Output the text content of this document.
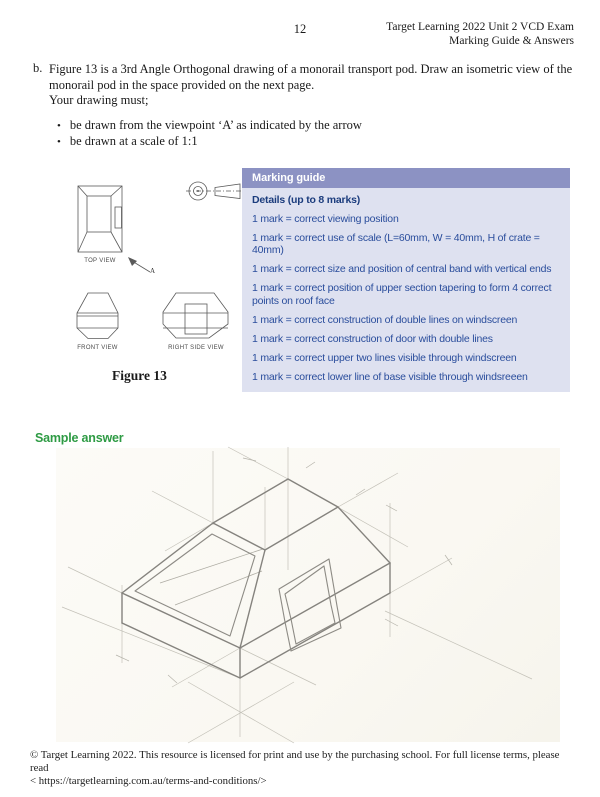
12	Target Learning 2022 Unit 2 VCD Exam
Marking Guide & Answers
b. Figure 13 is a 3rd Angle Orthogonal drawing of a monorail transport pod. Draw an isometric view of the monorail pod in the space provided on the next page.
Your drawing must;
• be drawn from the viewpoint ‘A’ as indicated by the arrow
• be drawn at a scale of 1:1
TOP VIEW
FRONT VIEW	RIGHT SIDE VIEW
A
Figure 13
Marking guide
Details (up to 8 marks)
1 mark = correct viewing position
1 mark = correct use of scale (L=60mm, W = 40mm, H of crate = 40mm)
1 mark = correct size and position of central band with vertical ends
1 mark = correct position of upper section tapering to form 4 correct points on roof face
1 mark = correct construction of double lines on windscreen
1 mark = correct construction of door with double lines
1 mark = correct upper two lines visible through windscreen
1 mark = correct lower line of base visible through windsreeen
Sample answer
© Target Learning 2022. This resource is licensed for print and use by the purchasing school. For full license terms, please read
< https://targetlearning.com.au/terms-and-conditions/>
